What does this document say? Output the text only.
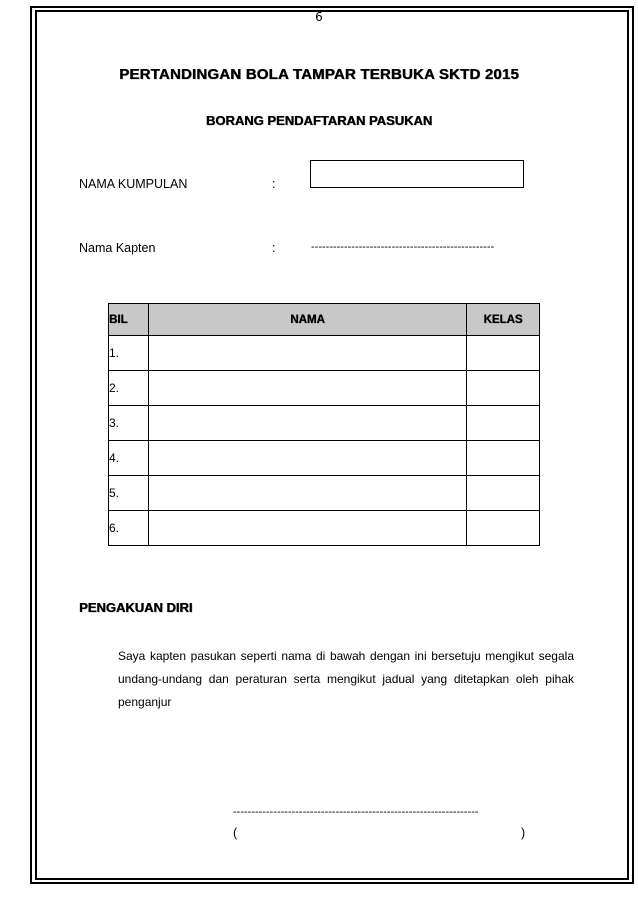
6
PERTANDINGAN BOLA TAMPAR TERBUKA SKTD 2015
BORANG PENDAFTARAN PASUKAN
NAMA KUMPULAN	:
Nama Kapten	:	--------------------------------------------------
BIL	NAMA	KELAS
1.		
2.		
3.		
4.		
5.		
6.		
PENGAKUAN DIRI
Saya kapten pasukan seperti nama di bawah dengan ini bersetuju mengikut segala undang-undang dan peraturan serta mengikut jadual yang ditetapkan oleh pihak penganjur
-------------------------------------------------------------------
(	)
